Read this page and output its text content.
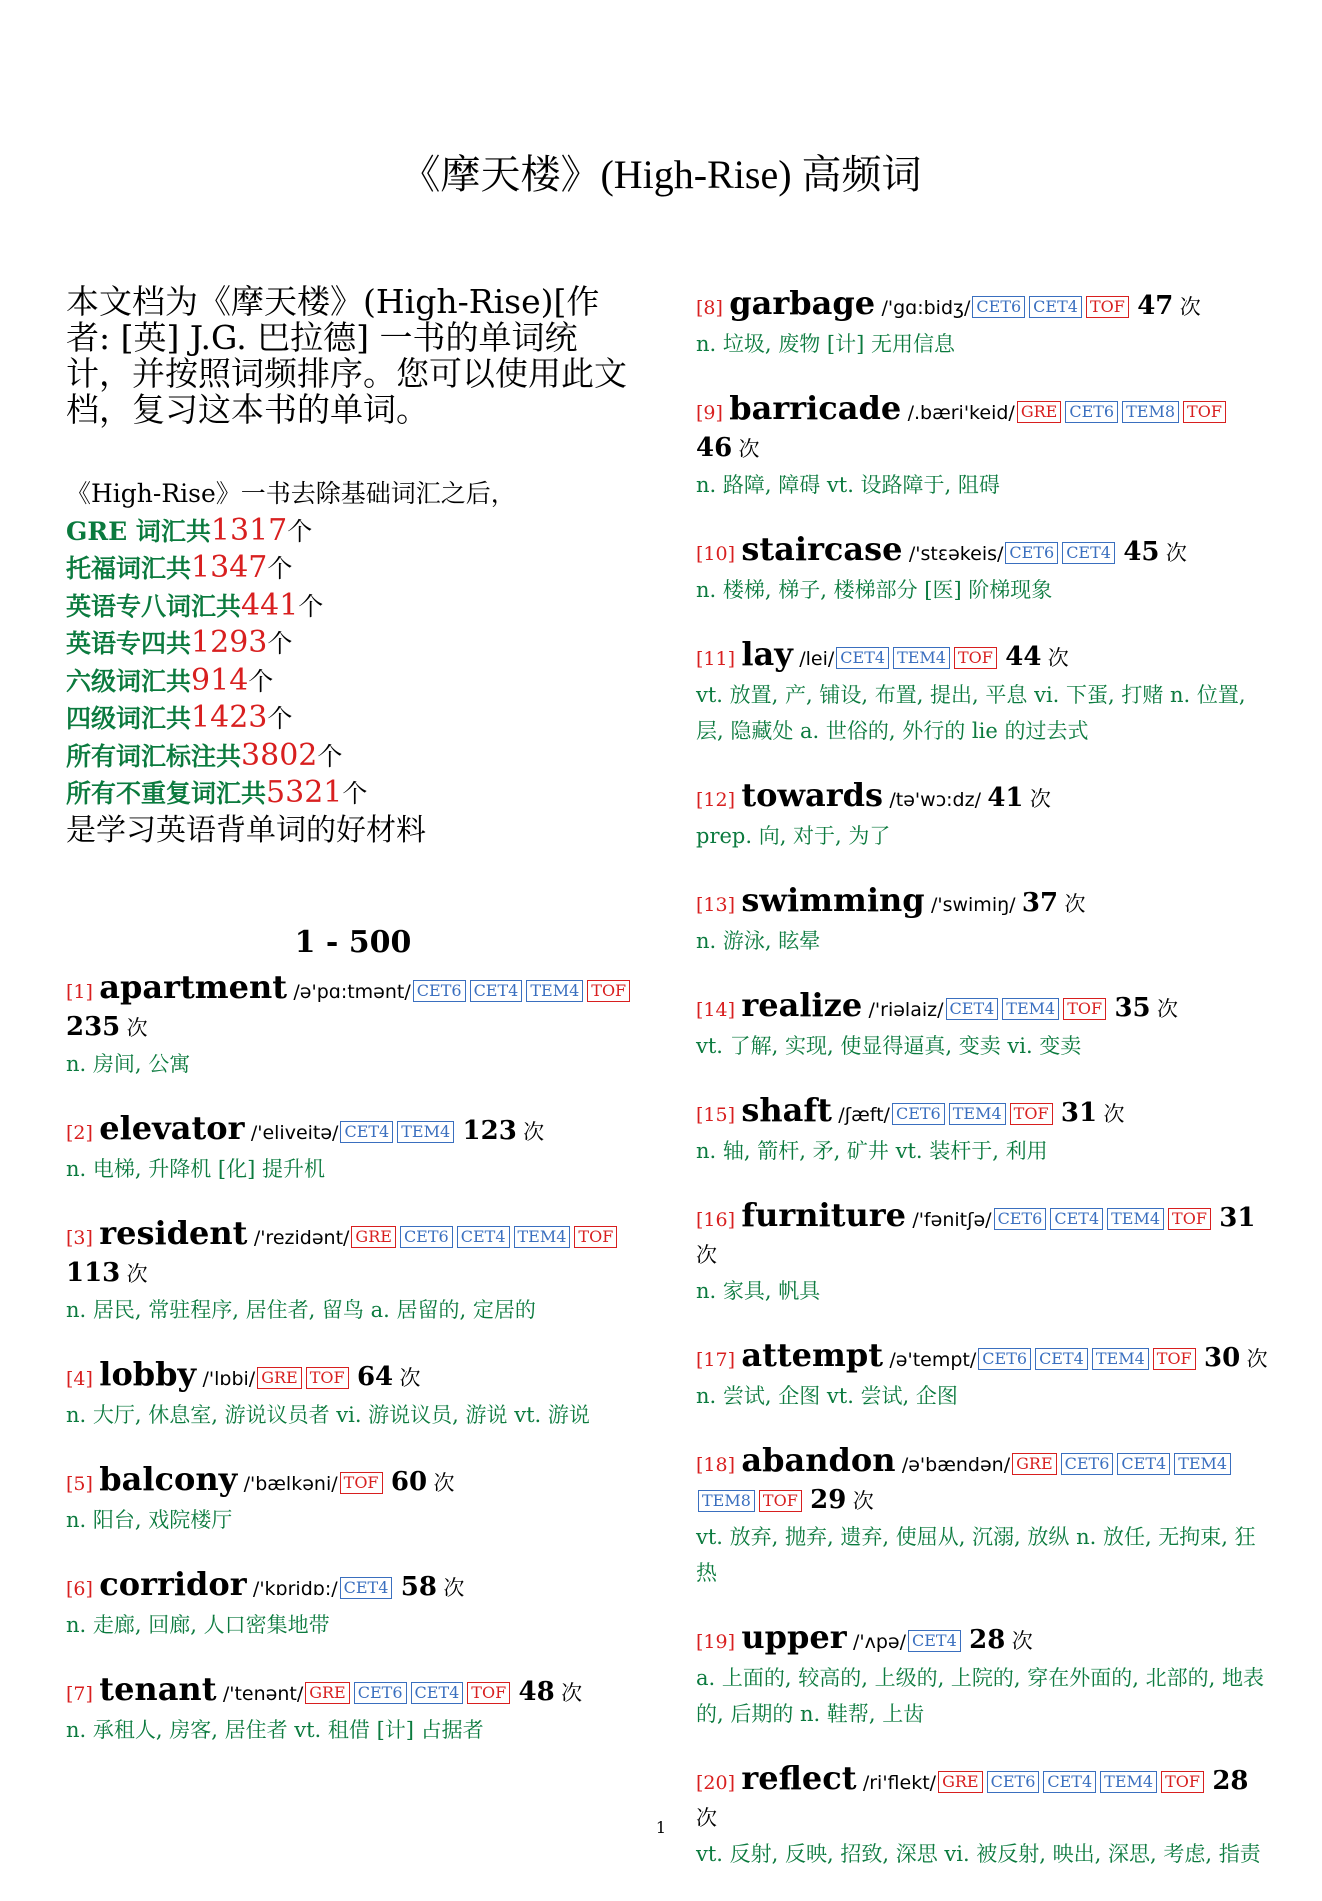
《摩天楼》(High-Rise) 高频词
本文档为《摩天楼》(High-Rise)[作者: [英] J.G. 巴拉德] 一书的单词统计，并按照词频排序。您可以使用此文档，复习这本书的单词。
《High-Rise》一书去除基础词汇之后，
GRE 词汇共1317个
托福词汇共1347个
英语专八词汇共441个
英语专四共1293个
六级词汇共914个
四级词汇共1423个
所有词汇标注共3802个
所有不重复词汇共5321个
是学习英语背单词的好材料
1 - 500
[1] apartment /ə'pɑ:tmənt/ CET6 CET4 TEM4 TOF 235 次
n. 房间, 公寓
[2] elevator /'eliveitə/ CET4 TEM4 123 次
n. 电梯, 升降机 [化] 提升机
[3] resident /'rezidənt/ GRE CET6 CET4 TEM4 TOF 113 次
n. 居民, 常驻程序, 居住者, 留鸟 a. 居留的, 定居的
[4] lobby /'lɒbi/ GRE TOF 64 次
n. 大厅, 休息室, 游说议员者 vi. 游说议员, 游说 vt. 游说
[5] balcony /'bælkəni/ TOF 60 次
n. 阳台, 戏院楼厅
[6] corridor /'kɒridɒ:/ CET4 58 次
n. 走廊, 回廊, 人口密集地带
[7] tenant /'tenənt/ GRE CET6 CET4 TOF 48 次
n. 承租人, 房客, 居住者 vt. 租借 [计] 占据者
[8] garbage /'gɑ:bidʒ/ CET6 CET4 TOF 47 次
n. 垃圾, 废物 [计] 无用信息
[9] barricade /.bæri'keid/ GRE CET6 TEM8 TOF 46 次
n. 路障, 障碍 vt. 设路障于, 阻碍
[10] staircase /'stɛəkeis/ CET6 CET4 45 次
n. 楼梯, 梯子, 楼梯部分 [医] 阶梯现象
[11] lay /lei/ CET4 TEM4 TOF 44 次
vt. 放置, 产, 铺设, 布置, 提出, 平息 vi. 下蛋, 打赌 n. 位置, 层, 隐藏处 a. 世俗的, 外行的 lie 的过去式
[12] towards /tə'wɔ:dz/ 41 次
prep. 向, 对于, 为了
[13] swimming /'swimiŋ/ 37 次
n. 游泳, 眩晕
[14] realize /'riəlaiz/ CET4 TEM4 TOF 35 次
vt. 了解, 实现, 使显得逼真, 变卖 vi. 变卖
[15] shaft /ʃæft/ CET6 TEM4 TOF 31 次
n. 轴, 箭杆, 矛, 矿井 vt. 装杆于, 利用
[16] furniture /'fənitʃə/ CET6 CET4 TEM4 TOF 31 次
n. 家具, 帆具
[17] attempt /ə'tempt/ CET6 CET4 TEM4 TOF 30 次
n. 尝试, 企图 vt. 尝试, 企图
[18] abandon /ə'bændən/ GRE CET6 CET4 TEM4TEM8 TOF 29 次
vt. 放弃, 抛弃, 遗弃, 使屈从, 沉溺, 放纵 n. 放任, 无拘束, 狂热
[19] upper /'ʌpə/ CET4 28 次
a. 上面的, 较高的, 上级的, 上院的, 穿在外面的, 北部的, 地表的, 后期的 n. 鞋帮, 上齿
[20] reflect /ri'flekt/ GRE CET6 CET4 TEM4 TOF 28 次
vt. 反射, 反映, 招致, 深思 vi. 被反射, 映出, 深思, 考虑, 指责
1
